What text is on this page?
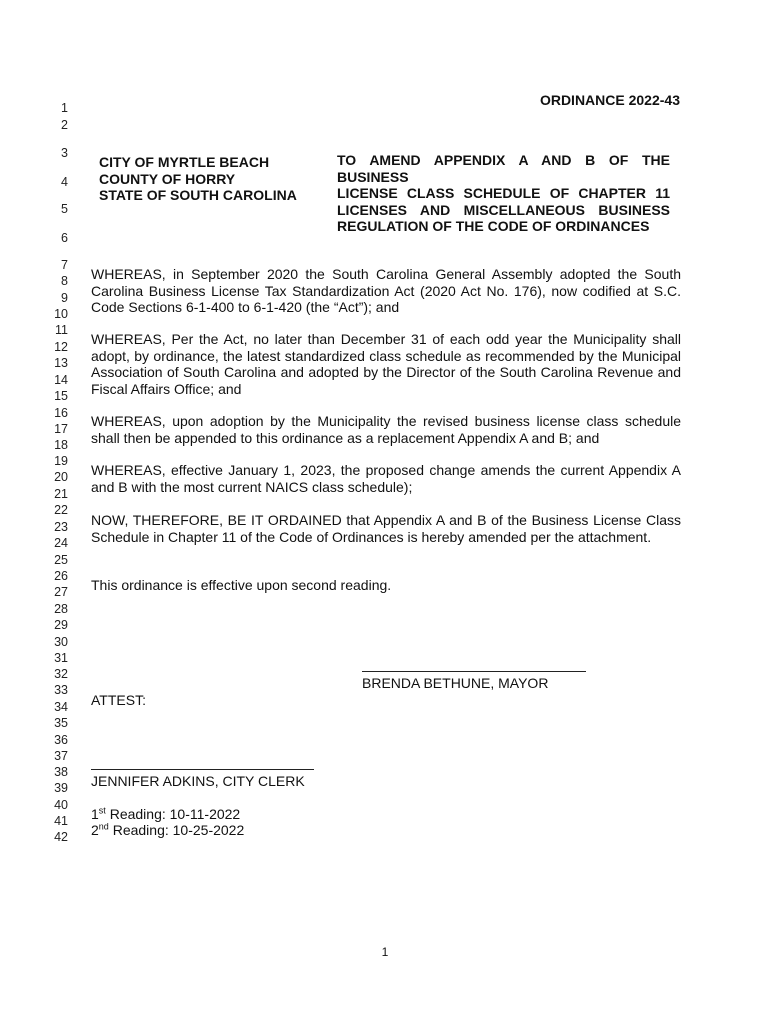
1
2
3
4
5
6
7
8
9
10
11
12
13
14
15
16
17
18
19
20
21
22
23
24
25
26
27
28
29
30
31
32
33
34
35
36
37
38
39
40
41
42
ORDINANCE 2022-43
CITY OF MYRTLE BEACH
COUNTY OF HORRY
STATE OF SOUTH CAROLINA
TO AMEND APPENDIX A AND B OF THE BUSINESS
LICENSE CLASS SCHEDULE OF CHAPTER 11
LICENSES AND MISCELLANEOUS BUSINESS
REGULATION OF THE CODE OF ORDINANCES
WHEREAS, in September 2020 the South Carolina General Assembly adopted the South Carolina Business License Tax Standardization Act (2020 Act No. 176), now codified at S.C. Code Sections 6-1-400 to 6-1-420 (the “Act”); and
WHEREAS, Per the Act, no later than December 31 of each odd year the Municipality shall adopt, by ordinance, the latest standardized class schedule as recommended by the Municipal Association of South Carolina and adopted by the Director of the South Carolina Revenue and Fiscal Affairs Office; and
WHEREAS, upon adoption by the Municipality the revised business license class schedule shall then be appended to this ordinance as a replacement Appendix A and B; and
WHEREAS, effective January 1, 2023, the proposed change amends the current Appendix A and B with the most current NAICS class schedule);
NOW, THEREFORE, BE IT ORDAINED that Appendix A and B of the Business License Class Schedule in Chapter 11 of the Code of Ordinances is hereby amended per the attachment.
This ordinance is effective upon second reading.
BRENDA BETHUNE, MAYOR
ATTEST:
JENNIFER ADKINS, CITY CLERK
1st Reading: 10-11-2022
2nd Reading: 10-25-2022
1
